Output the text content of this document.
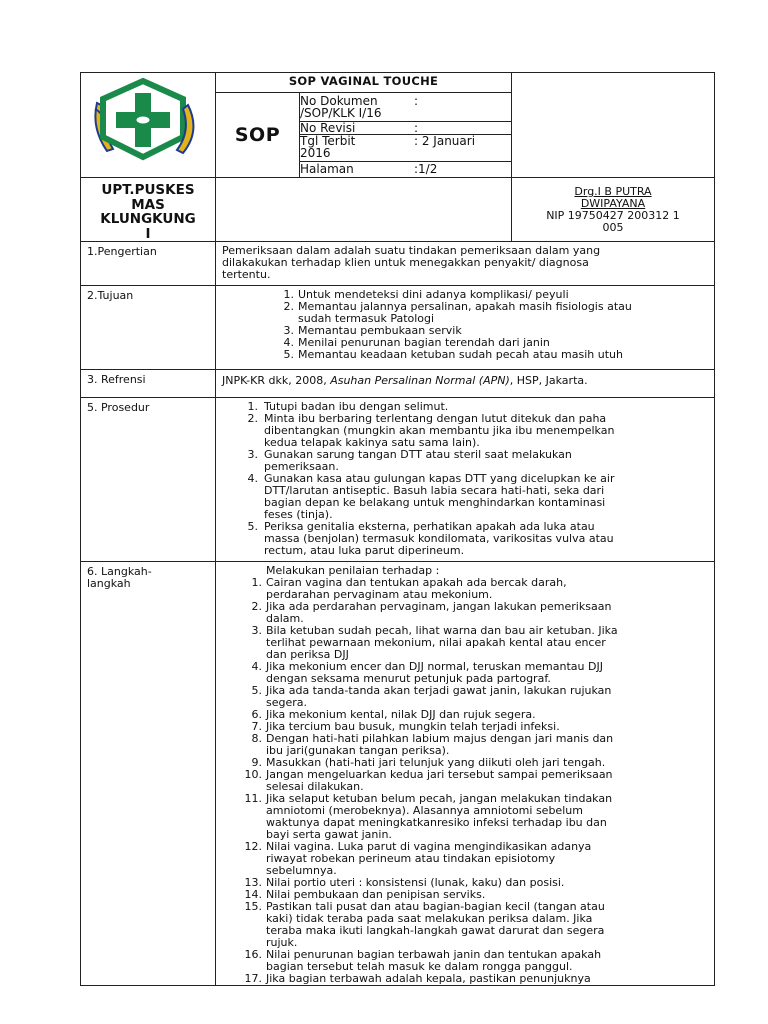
	SOP VAGINAL TOUCHE	
SOP	
No Dokumen	:
/SOP/KLK I/16
No Revisi	:
Tgl Terbit	: 2 Januari
2016
Halaman	:1/2

UPT.PUSKES
MAS
KLUNGKUNG
I		Drg.I B PUTRA
DWIPAYANA
NIP 19750427 200312 1
005
1.Pengertian	Pemeriksaan dalam adalah suatu tindakan pemeriksaan dalam yang
dilakakukan terhadap klien untuk menegakkan penyakit/ diagnosa
tertentu.
2.Tujuan	1. Untuk mendeteksi dini adanya komplikasi/ peyuli
2. Memantau jalannya persalinan, apakah masih fisiologis atau
sudah termasuk Patologi
3. Memantau pembukaan servik
4. Menilai penurunan bagian terendah dari janin
5. Memantau keadaan ketuban sudah pecah atau masih utuh

3. Refrensi	JNPK-KR dkk, 2008, Asuhan Persalinan Normal (APN), HSP, Jakarta.
5. Prosedur	1. Tutupi badan ibu dengan selimut.
2. Minta ibu berbaring terlentang dengan lutut ditekuk dan paha
dibentangkan (mungkin akan membantu jika ibu menempelkan
kedua telapak kakinya satu sama lain).
3. Gunakan sarung tangan DTT atau steril saat melakukan
pemeriksaan.
4. Gunakan kasa atau gulungan kapas DTT yang dicelupkan ke air
DTT/larutan antiseptic. Basuh labia secara hati-hati, seka dari
bagian depan ke belakang untuk menghindarkan kontaminasi
feses (tinja).
5. Periksa genitalia eksterna, perhatikan apakah ada luka atau
massa (benjolan) termasuk kondilomata, varikositas vulva atau
rectum, atau luka parut diperineum.

6. Langkah-
langkah	
Melakukan penilaian terhadap :
1. Cairan vagina dan tentukan apakah ada bercak darah,
perdarahan pervaginam atau mekonium.
2. Jika ada perdarahan pervaginam, jangan lakukan pemeriksaan
dalam.
3. Bila ketuban sudah pecah, lihat warna dan bau air ketuban. Jika
terlihat pewarnaan mekonium, nilai apakah kental atau encer
dan periksa DJJ
4. Jika mekonium encer dan DJJ normal, teruskan memantau DJJ
dengan seksama menurut petunjuk pada partograf.
5. Jika ada tanda-tanda akan terjadi gawat janin, lakukan rujukan
segera.
6. Jika mekonium kental, nilak DJJ dan rujuk segera.
7. Jika tercium bau busuk, mungkin telah terjadi infeksi.
8. Dengan hati-hati pilahkan labium majus dengan jari manis dan
ibu jari(gunakan tangan periksa).
9. Masukkan (hati-hati jari telunjuk yang diikuti oleh jari tengah.
10. Jangan mengeluarkan kedua jari tersebut sampai pemeriksaan
selesai dilakukan.
11. Jika selaput ketuban belum pecah, jangan melakukan tindakan
amniotomi (merobeknya). Alasannya amniotomi sebelum
waktunya dapat meningkatkanresiko infeksi terhadap ibu dan
bayi serta gawat janin.
12. Nilai vagina. Luka parut di vagina mengindikasikan adanya
riwayat robekan perineum atau tindakan episiotomy
sebelumnya.
13. Nilai portio uteri : konsistensi (lunak, kaku) dan posisi.
14. Nilai pembukaan dan penipisan serviks.
15. Pastikan tali pusat dan atau bagian-bagian kecil (tangan atau
kaki) tidak teraba pada saat melakukan periksa dalam. Jika
teraba maka ikuti langkah-langkah gawat darurat dan segera
rujuk.
16. Nilai penurunan bagian terbawah janin dan tentukan apakah
bagian tersebut telah masuk ke dalam rongga panggul.
17. Jika bagian terbawah adalah kepala, pastikan penunjuknya
